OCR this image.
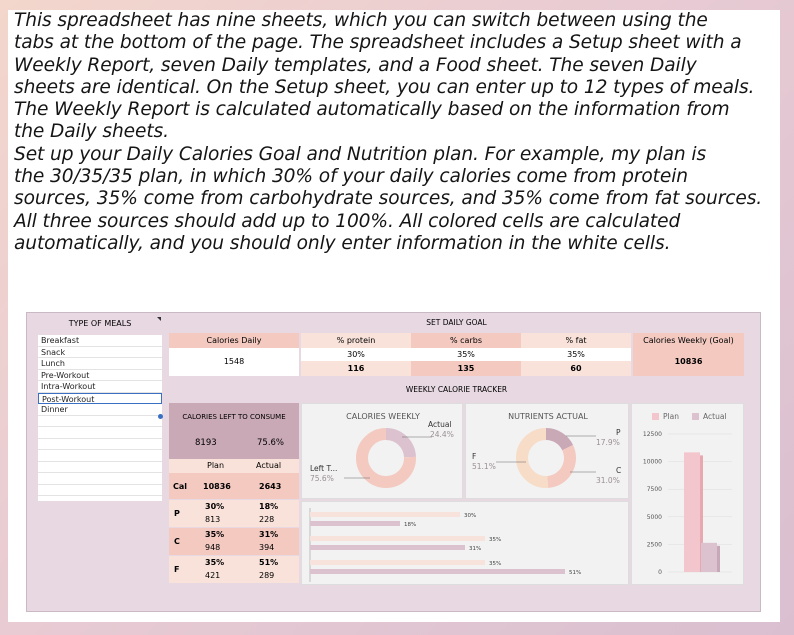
This spreadsheet has nine sheets, which you can switch between using the
tabs at the bottom of the page. The spreadsheet includes a Setup sheet with a
Weekly Report, seven Daily templates, and a Food sheet. The seven Daily
sheets are identical. On the Setup sheet, you can enter up to 12 types of meals.
The Weekly Report is calculated automatically based on the information from
the Daily sheets.
Set up your Daily Calories Goal and Nutrition plan. For example, my plan is
the 30/35/35 plan, in which 30% of your daily calories come from protein
sources, 35% come from carbohydrate sources, and 35% come from fat sources.
All three sources should add up to 100%. All colored cells are calculated
automatically, and you should only enter information in the white cells.
TYPE OF MEALS
Breakfast
Snack
Lunch
Pre-Workout
Intra-Workout
Post-Workout
Dinner
SET DAILY GOAL
Calories Daily	% protein	% carbs	% fat	Calories Weekly (Goal)
1548
30%	35%	35%
116	135	60
10836
WEEKLY CALORIE TRACKER
CALORIES LEFT TO CONSUME
8193	75.6%
Plan	Actual
Cal 10836	2643
P
30%	18%
813	228
C
35%	31%
948	394
F
35%	51%
421	289
CALORIES WEEKLY
Actual
24.4%
Left T...
75.6%
NUTRIENTS ACTUAL
P
17.9%
C
31.0%
F
51.1%
30%
18%
35%
31%
35%
51%
12500
10000
7500
5000
2500
0
Plan	Actual
